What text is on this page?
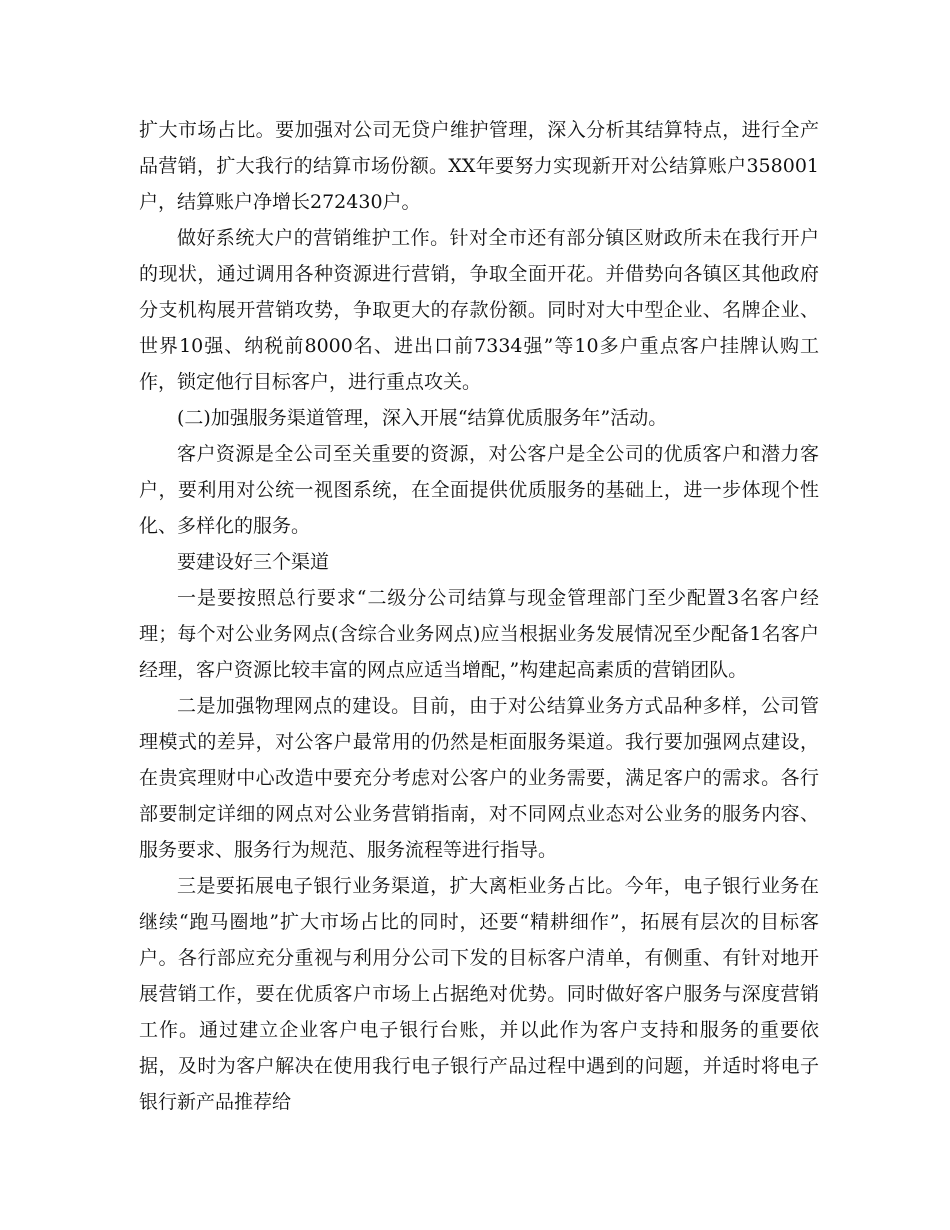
扩大市场占比。要加强对公司无贷户维护管理，深入分析其结算特点，进行全产品营销，扩大我行的结算市场份额。XX年要努力实现新开对公结算账户358001户，结算账户净增长272430户。

做好系统大户的营销维护工作。针对全市还有部分镇区财政所未在我行开户的现状，通过调用各种资源进行营销，争取全面开花。并借势向各镇区其他政府分支机构展开营销攻势，争取更大的存款份额。同时对大中型企业、名牌企业、世界10强、纳税前8000名、进出口前7334强”等10多户重点客户挂牌认购工作，锁定他行目标客户，进行重点攻关。

(二)加强服务渠道管理，深入开展“结算优质服务年”活动。

客户资源是全公司至关重要的资源，对公客户是全公司的优质客户和潜力客户，要利用对公统一视图系统，在全面提供优质服务的基础上，进一步体现个性化、多样化的服务。

要建设好三个渠道

一是要按照总行要求“二级分公司结算与现金管理部门至少配置3名客户经理；每个对公业务网点(含综合业务网点)应当根据业务发展情况至少配备1名客户经理，客户资源比较丰富的网点应适当增配，”构建起高素质的营销团队。

二是加强物理网点的建设。目前，由于对公结算业务方式品种多样，公司管理模式的差异，对公客户最常用的仍然是柜面服务渠道。我行要加强网点建设，在贵宾理财中心改造中要充分考虑对公客户的业务需要，满足客户的需求。各行部要制定详细的网点对公业务营销指南，对不同网点业态对公业务的服务内容、服务要求、服务行为规范、服务流程等进行指导。

三是要拓展电子银行业务渠道，扩大离柜业务占比。今年，电子银行业务在继续“跑马圈地”扩大市场占比的同时，还要“精耕细作”，拓展有层次的目标客户。各行部应充分重视与利用分公司下发的目标客户清单，有侧重、有针对地开展营销工作，要在优质客户市场上占据绝对优势。同时做好客户服务与深度营销工作。通过建立企业客户电子银行台账，并以此作为客户支持和服务的重要依据，及时为客户解决在使用我行电子银行产品过程中遇到的问题，并适时将电子银行新产品推荐给
